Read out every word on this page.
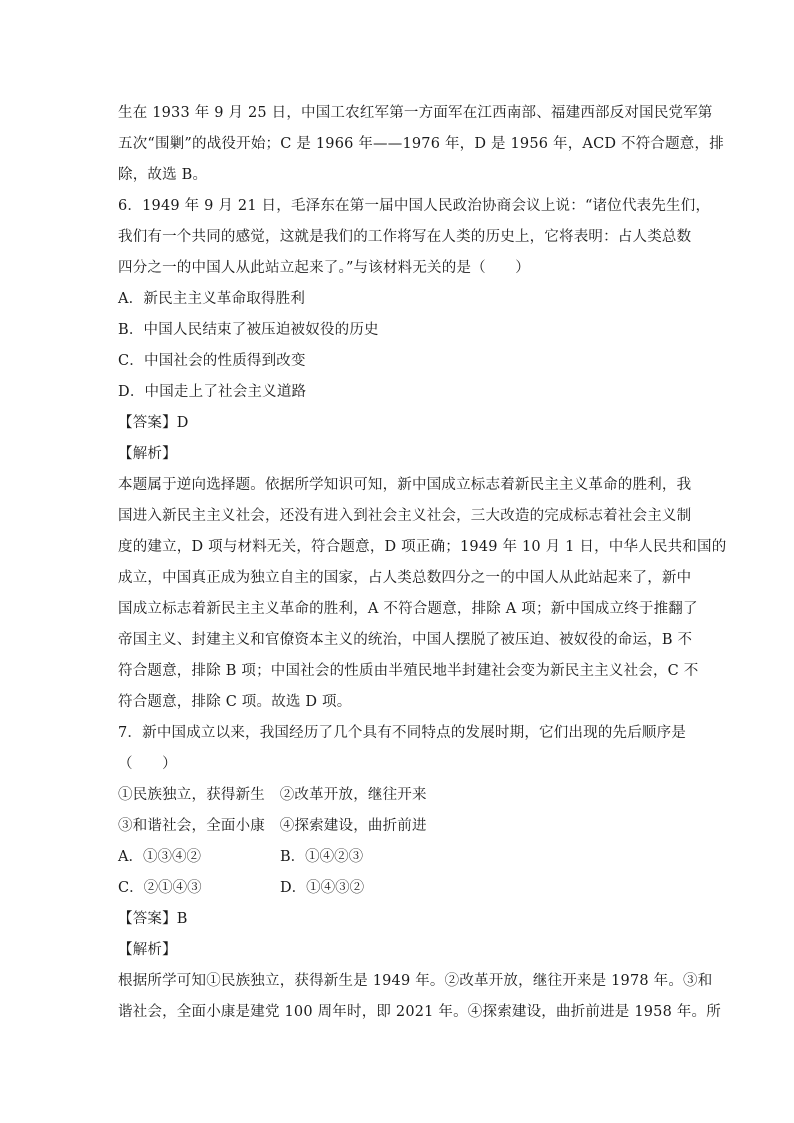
生在 1933 年 9 月 25 日，中国工农红军第一方面军在江西南部、福建西部反对国民党军第
五次“围剿”的战役开始；C 是 1966 年——1976 年，D 是 1956 年，ACD 不符合题意，排
除，故选 B。
6．1949 年 9 月 21 日，毛泽东在第一届中国人民政治协商会议上说：“诸位代表先生们，
我们有一个共同的感觉，这就是我们的工作将写在人类的历史上，它将表明：占人类总数
四分之一的中国人从此站立起来了。”与该材料无关的是（　　）
A．新民主主义革命取得胜利
B．中国人民结束了被压迫被奴役的历史
C．中国社会的性质得到改变
D．中国走上了社会主义道路
【答案】D
【解析】
本题属于逆向选择题。依据所学知识可知，新中国成立标志着新民主主义革命的胜利，我
国进入新民主主义社会，还没有进入到社会主义社会，三大改造的完成标志着社会主义制
度的建立，D 项与材料无关，符合题意，D 项正确；1949 年 10 月 1 日，中华人民共和国的
成立，中国真正成为独立自主的国家，占人类总数四分之一的中国人从此站起来了，新中
国成立标志着新民主主义革命的胜利，A 不符合题意，排除 A 项；新中国成立终于推翻了
帝国主义、封建主义和官僚资本主义的统治，中国人摆脱了被压迫、被奴役的命运，B 不
符合题意，排除 B 项；中国社会的性质由半殖民地半封建社会变为新民主主义社会，C 不
符合题意，排除 C 项。故选 D 项。
7．新中国成立以来，我国经历了几个具有不同特点的发展时期，它们出现的先后顺序是
（　　）
①民族独立，获得新生　②改革开放，继往开来
③和谐社会，全面小康　④探索建设，曲折前进
A．①③④②	B．①④②③
C．②①④③	D．①④③②
【答案】B
【解析】
根据所学可知①民族独立，获得新生是 1949 年。②改革开放，继往开来是 1978 年。③和
谐社会，全面小康是建党 100 周年时，即 2021 年。④探索建设，曲折前进是 1958 年。所
